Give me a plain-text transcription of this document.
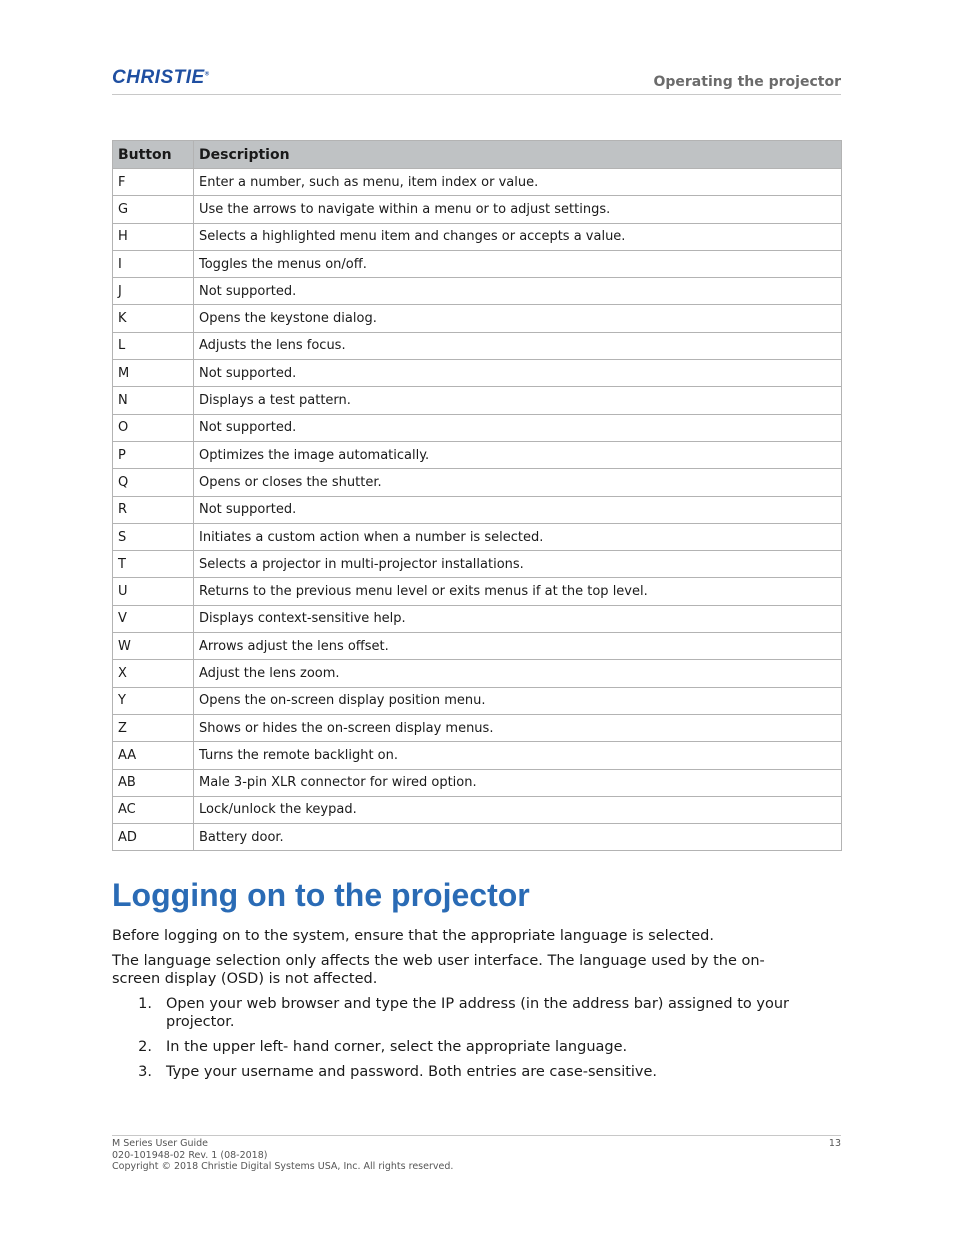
CHRISTIE®	Operating the projector
Button	Description
F	Enter a number, such as menu, item index or value.
G	Use the arrows to navigate within a menu or to adjust settings.
H	Selects a highlighted menu item and changes or accepts a value.
I	Toggles the menus on/off.
J	Not supported.
K	Opens the keystone dialog.
L	Adjusts the lens focus.
M	Not supported.
N	Displays a test pattern.
O	Not supported.
P	Optimizes the image automatically.
Q	Opens or closes the shutter.
R	Not supported.
S	Initiates a custom action when a number is selected.
T	Selects a projector in multi-projector installations.
U	Returns to the previous menu level or exits menus if at the top level.
V	Displays context-sensitive help.
W	Arrows adjust the lens offset.
X	Adjust the lens zoom.
Y	Opens the on-screen display position menu.
Z	Shows or hides the on-screen display menus.
AA	Turns the remote backlight on.
AB	Male 3-pin XLR connector for wired option.
AC	Lock/unlock the keypad.
AD	Battery door.
Logging on to the projector

Before logging on to the system, ensure that the appropriate language is selected.

The language selection only affects the web user interface. The language used by the on-screen display (OSD) is not affected.

1. Open your web browser and type the IP address (in the address bar) assigned to your projector.
2. In the upper left- hand corner, select the appropriate language.
3. Type your username and password. Both entries are case-sensitive.
M Series User Guide
020-101948-02 Rev. 1 (08-2018)
Copyright © 2018 Christie Digital Systems USA, Inc. All rights reserved.
13
